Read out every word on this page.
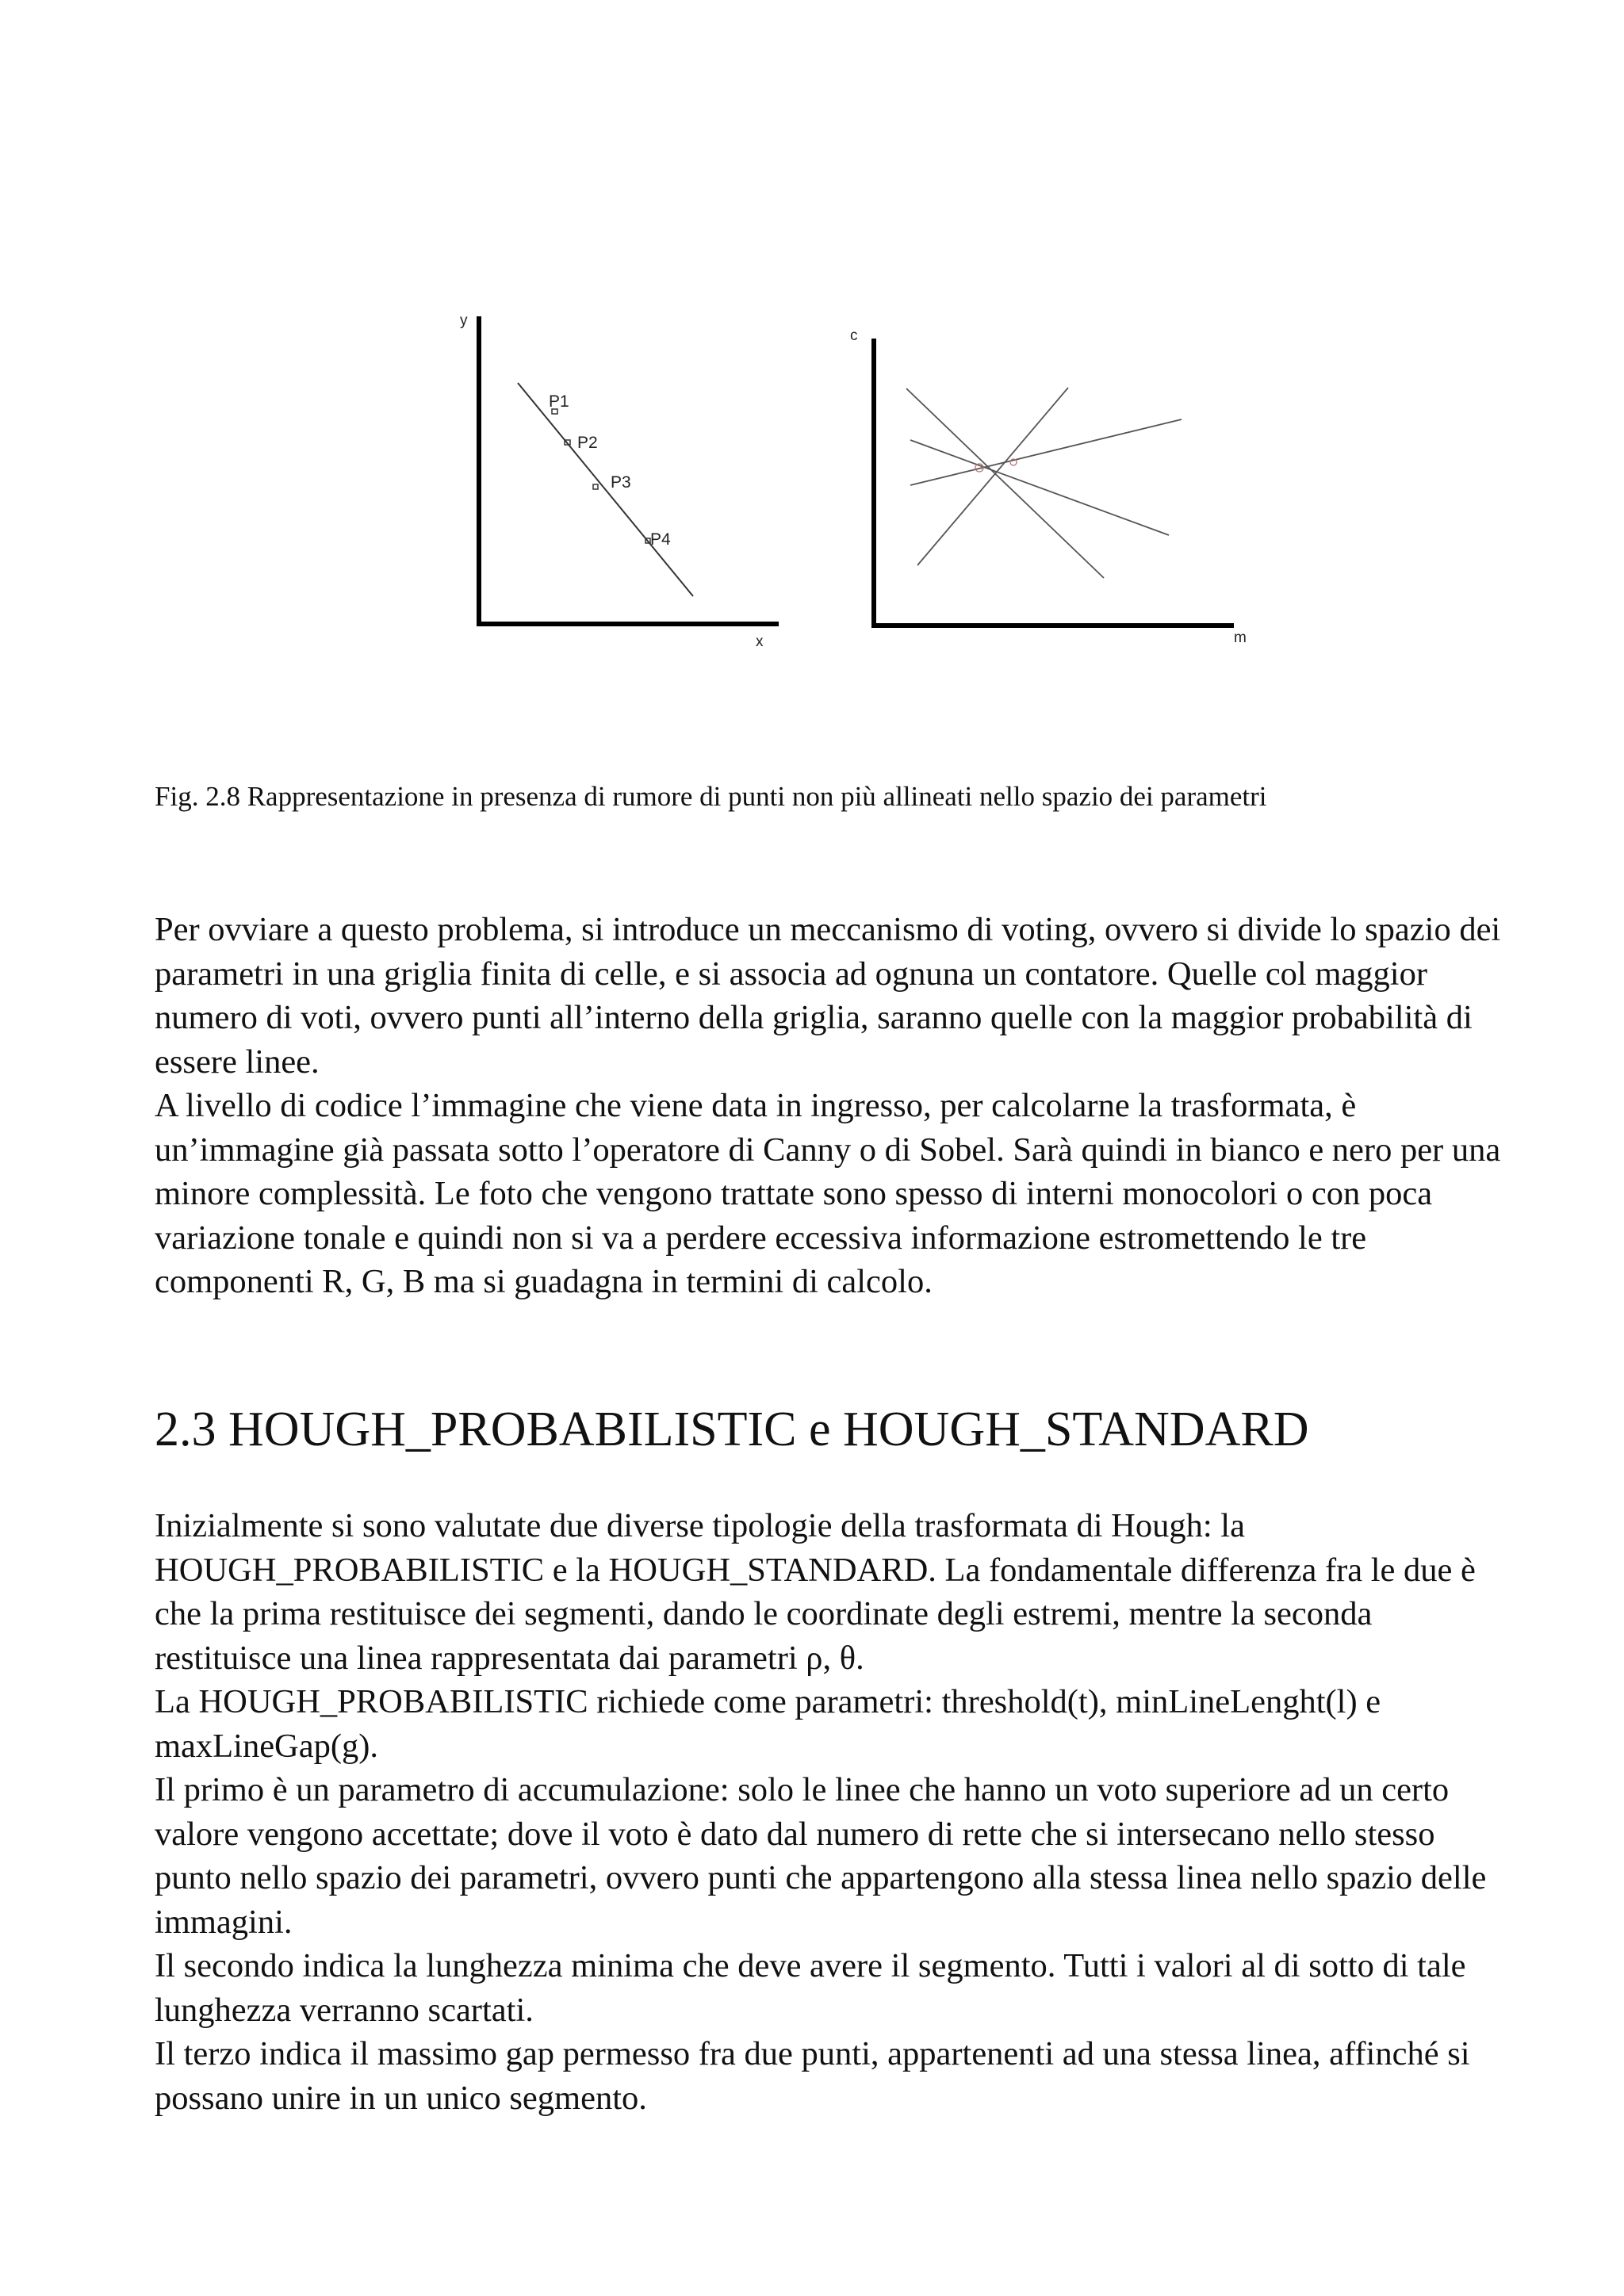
y
x
P1
P2
P3
P4
c
m
Fig. 2.8 Rappresentazione in presenza di rumore di punti non più allineati nello spazio dei parametri

Per ovviare a questo problema, si introduce un meccanismo di voting, ovvero si divide lo spazio dei parametri in una griglia finita di celle, e si associa ad ognuna un contatore. Quelle col maggior numero di voti, ovvero punti all’interno della griglia, saranno quelle con la maggior probabilità di essere linee.

A livello di codice l’immagine che viene data in ingresso, per calcolarne la trasformata, è un’immagine già passata sotto l’operatore di Canny o di Sobel. Sarà quindi in bianco e nero per una minore complessità. Le foto che vengono trattate sono spesso di interni monocolori o con poca variazione tonale e quindi non si va a perdere eccessiva informazione estromettendo le tre componenti R, G, B ma si guadagna in termini di calcolo.

2.3 HOUGH_PROBABILISTIC e HOUGH_STANDARD

Inizialmente si sono valutate due diverse tipologie della trasformata di Hough: la HOUGH_PROBABILISTIC e la HOUGH_STANDARD. La fondamentale differenza fra le due è che la prima restituisce dei segmenti, dando le coordinate degli estremi, mentre la seconda restituisce una linea rappresentata dai parametri ρ, θ.

La HOUGH_PROBABILISTIC richiede come parametri: threshold(t), minLineLenght(l) e maxLineGap(g).

Il primo è un parametro di accumulazione: solo le linee che hanno un voto superiore ad un certo valore vengono accettate; dove il voto è dato dal numero di rette che si intersecano nello stesso punto nello spazio dei parametri, ovvero punti che appartengono alla stessa linea nello spazio delle immagini.

Il secondo indica la lunghezza minima che deve avere il segmento. Tutti i valori al di sotto di tale lunghezza verranno scartati.

Il terzo indica il massimo gap permesso fra due punti, appartenenti ad una stessa linea, affinché si possano unire in un unico segmento.
